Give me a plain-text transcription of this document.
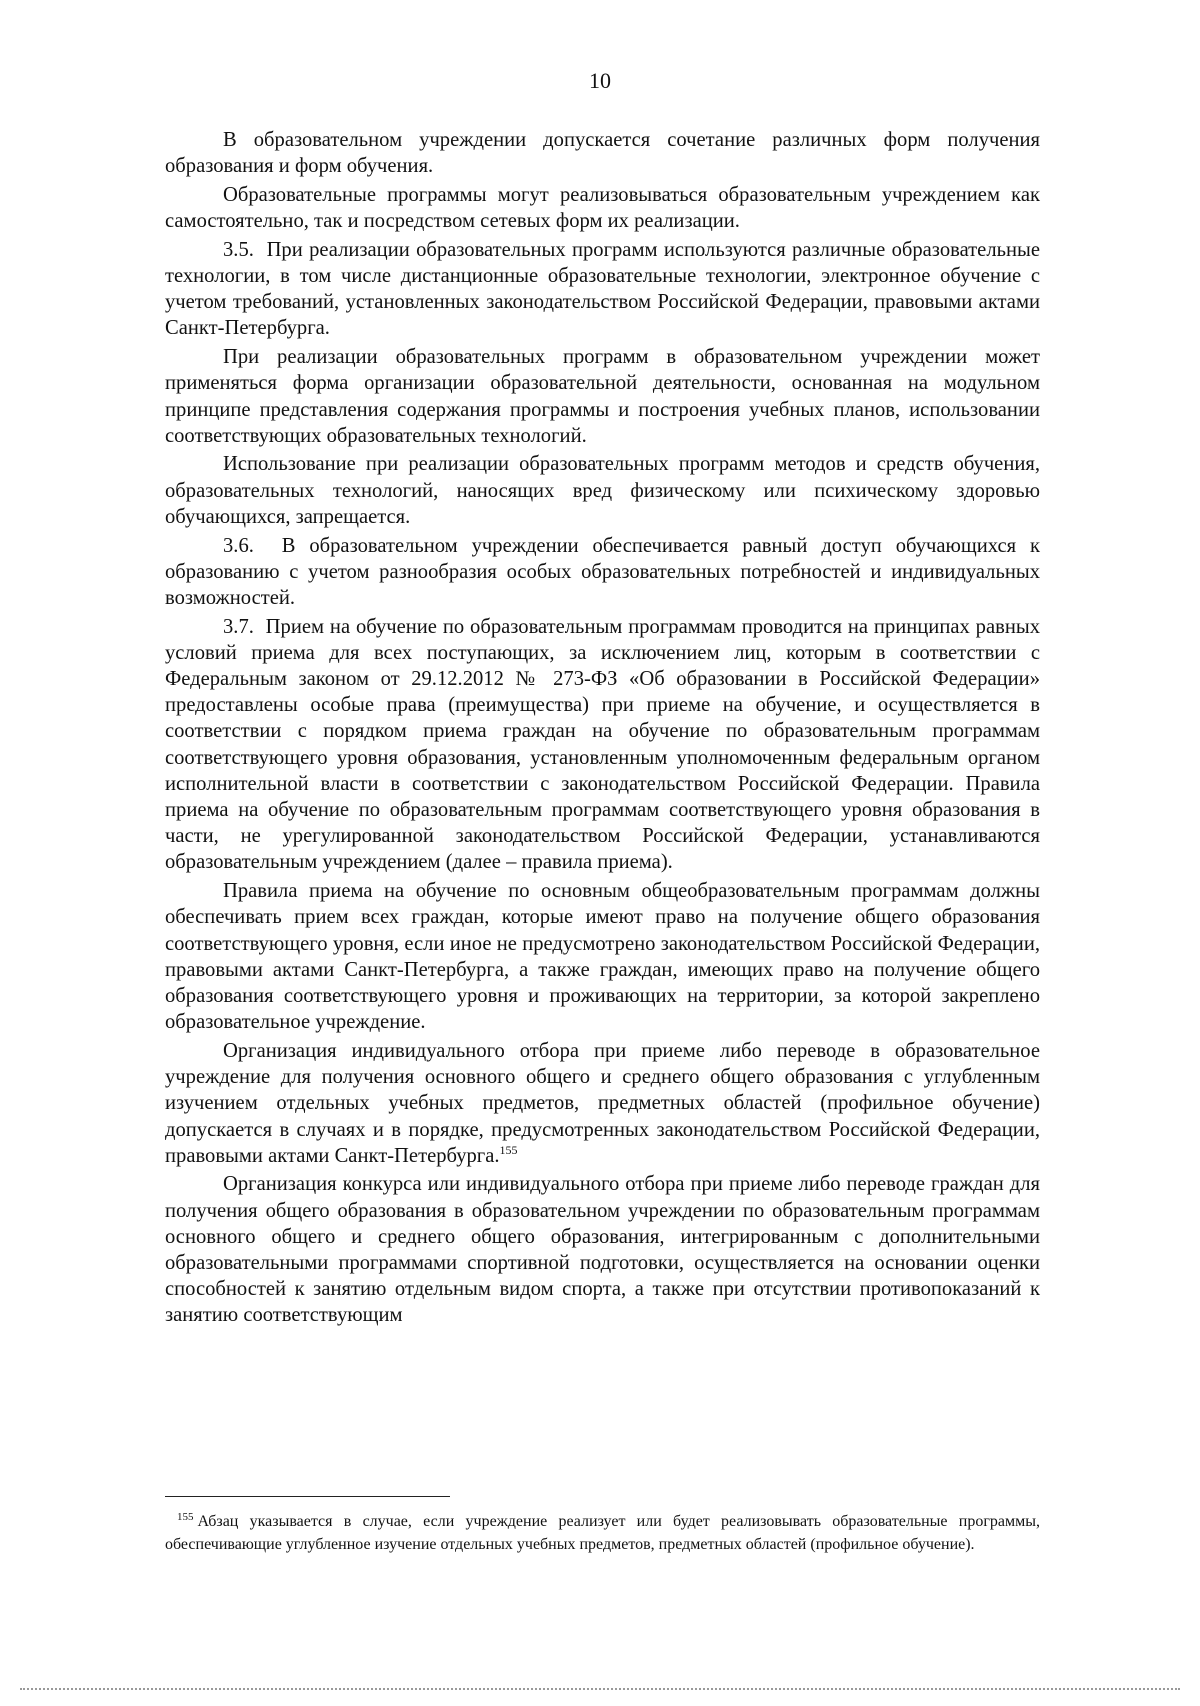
10

В образовательном учреждении допускается сочетание различных форм получения образования и форм обучения.

Образовательные программы могут реализовываться образовательным учреждением как самостоятельно, так и посредством сетевых форм их реализации.

3.5.  При реализации образовательных программ используются различные образовательные технологии, в том числе дистанционные образовательные технологии, электронное обучение с учетом требований, установленных законодательством Российской Федерации, правовыми актами Санкт-Петербурга.

При реализации образовательных программ в образовательном учреждении может применяться форма организации образовательной деятельности, основанная на модульном принципе представления содержания программы и построения учебных планов, использовании соответствующих образовательных технологий.

Использование при реализации образовательных программ методов и средств обучения, образовательных технологий, наносящих вред физическому или психическому здоровью обучающихся, запрещается.

3.6.  В образовательном учреждении обеспечивается равный доступ обучающихся к образованию с учетом разнообразия особых образовательных потребностей и индивидуальных возможностей.

3.7.  Прием на обучение по образовательным программам проводится на принципах равных условий приема для всех поступающих, за исключением лиц, которым в соответствии с Федеральным законом от 29.12.2012 № 273-ФЗ «Об образовании в Российской Федерации» предоставлены особые права (преимущества) при приеме на обучение, и осуществляется в соответствии с порядком приема граждан на обучение по образовательным программам соответствующего уровня образования, установленным уполномоченным федеральным органом исполнительной власти в соответствии с законодательством Российской Федерации. Правила приема на обучение по образовательным программам соответствующего уровня образования в части, не урегулированной законодательством Российской Федерации, устанавливаются образовательным учреждением (далее – правила приема).

Правила приема на обучение по основным общеобразовательным программам должны обеспечивать прием всех граждан, которые имеют право на получение общего образования соответствующего уровня, если иное не предусмотрено законодательством Российской Федерации, правовыми актами Санкт-Петербурга, а также граждан, имеющих право на получение общего образования соответствующего уровня и проживающих на территории, за которой закреплено образовательное учреждение.

Организация индивидуального отбора при приеме либо переводе в образовательное учреждение для получения основного общего и среднего общего образования с углубленным изучением отдельных учебных предметов, предметных областей (профильное обучение) допускается в случаях и в порядке, предусмотренных законодательством Российской Федерации, правовыми актами Санкт-Петербурга.$^{155}$

Организация конкурса или индивидуального отбора при приеме либо переводе граждан для получения общего образования в образовательном учреждении по образовательным программам основного общего и среднего общего образования, интегрированным с дополнительными образовательными программами спортивной подготовки, осуществляется на основании оценки способностей к занятию отдельным видом спорта, а также при отсутствии противопоказаний к занятию соответствующим

$^{155}$ Абзац указывается в случае, если учреждение реализует или будет реализовывать образовательные программы, обеспечивающие углубленное изучение отдельных учебных предметов, предметных областей (профильное обучение).
